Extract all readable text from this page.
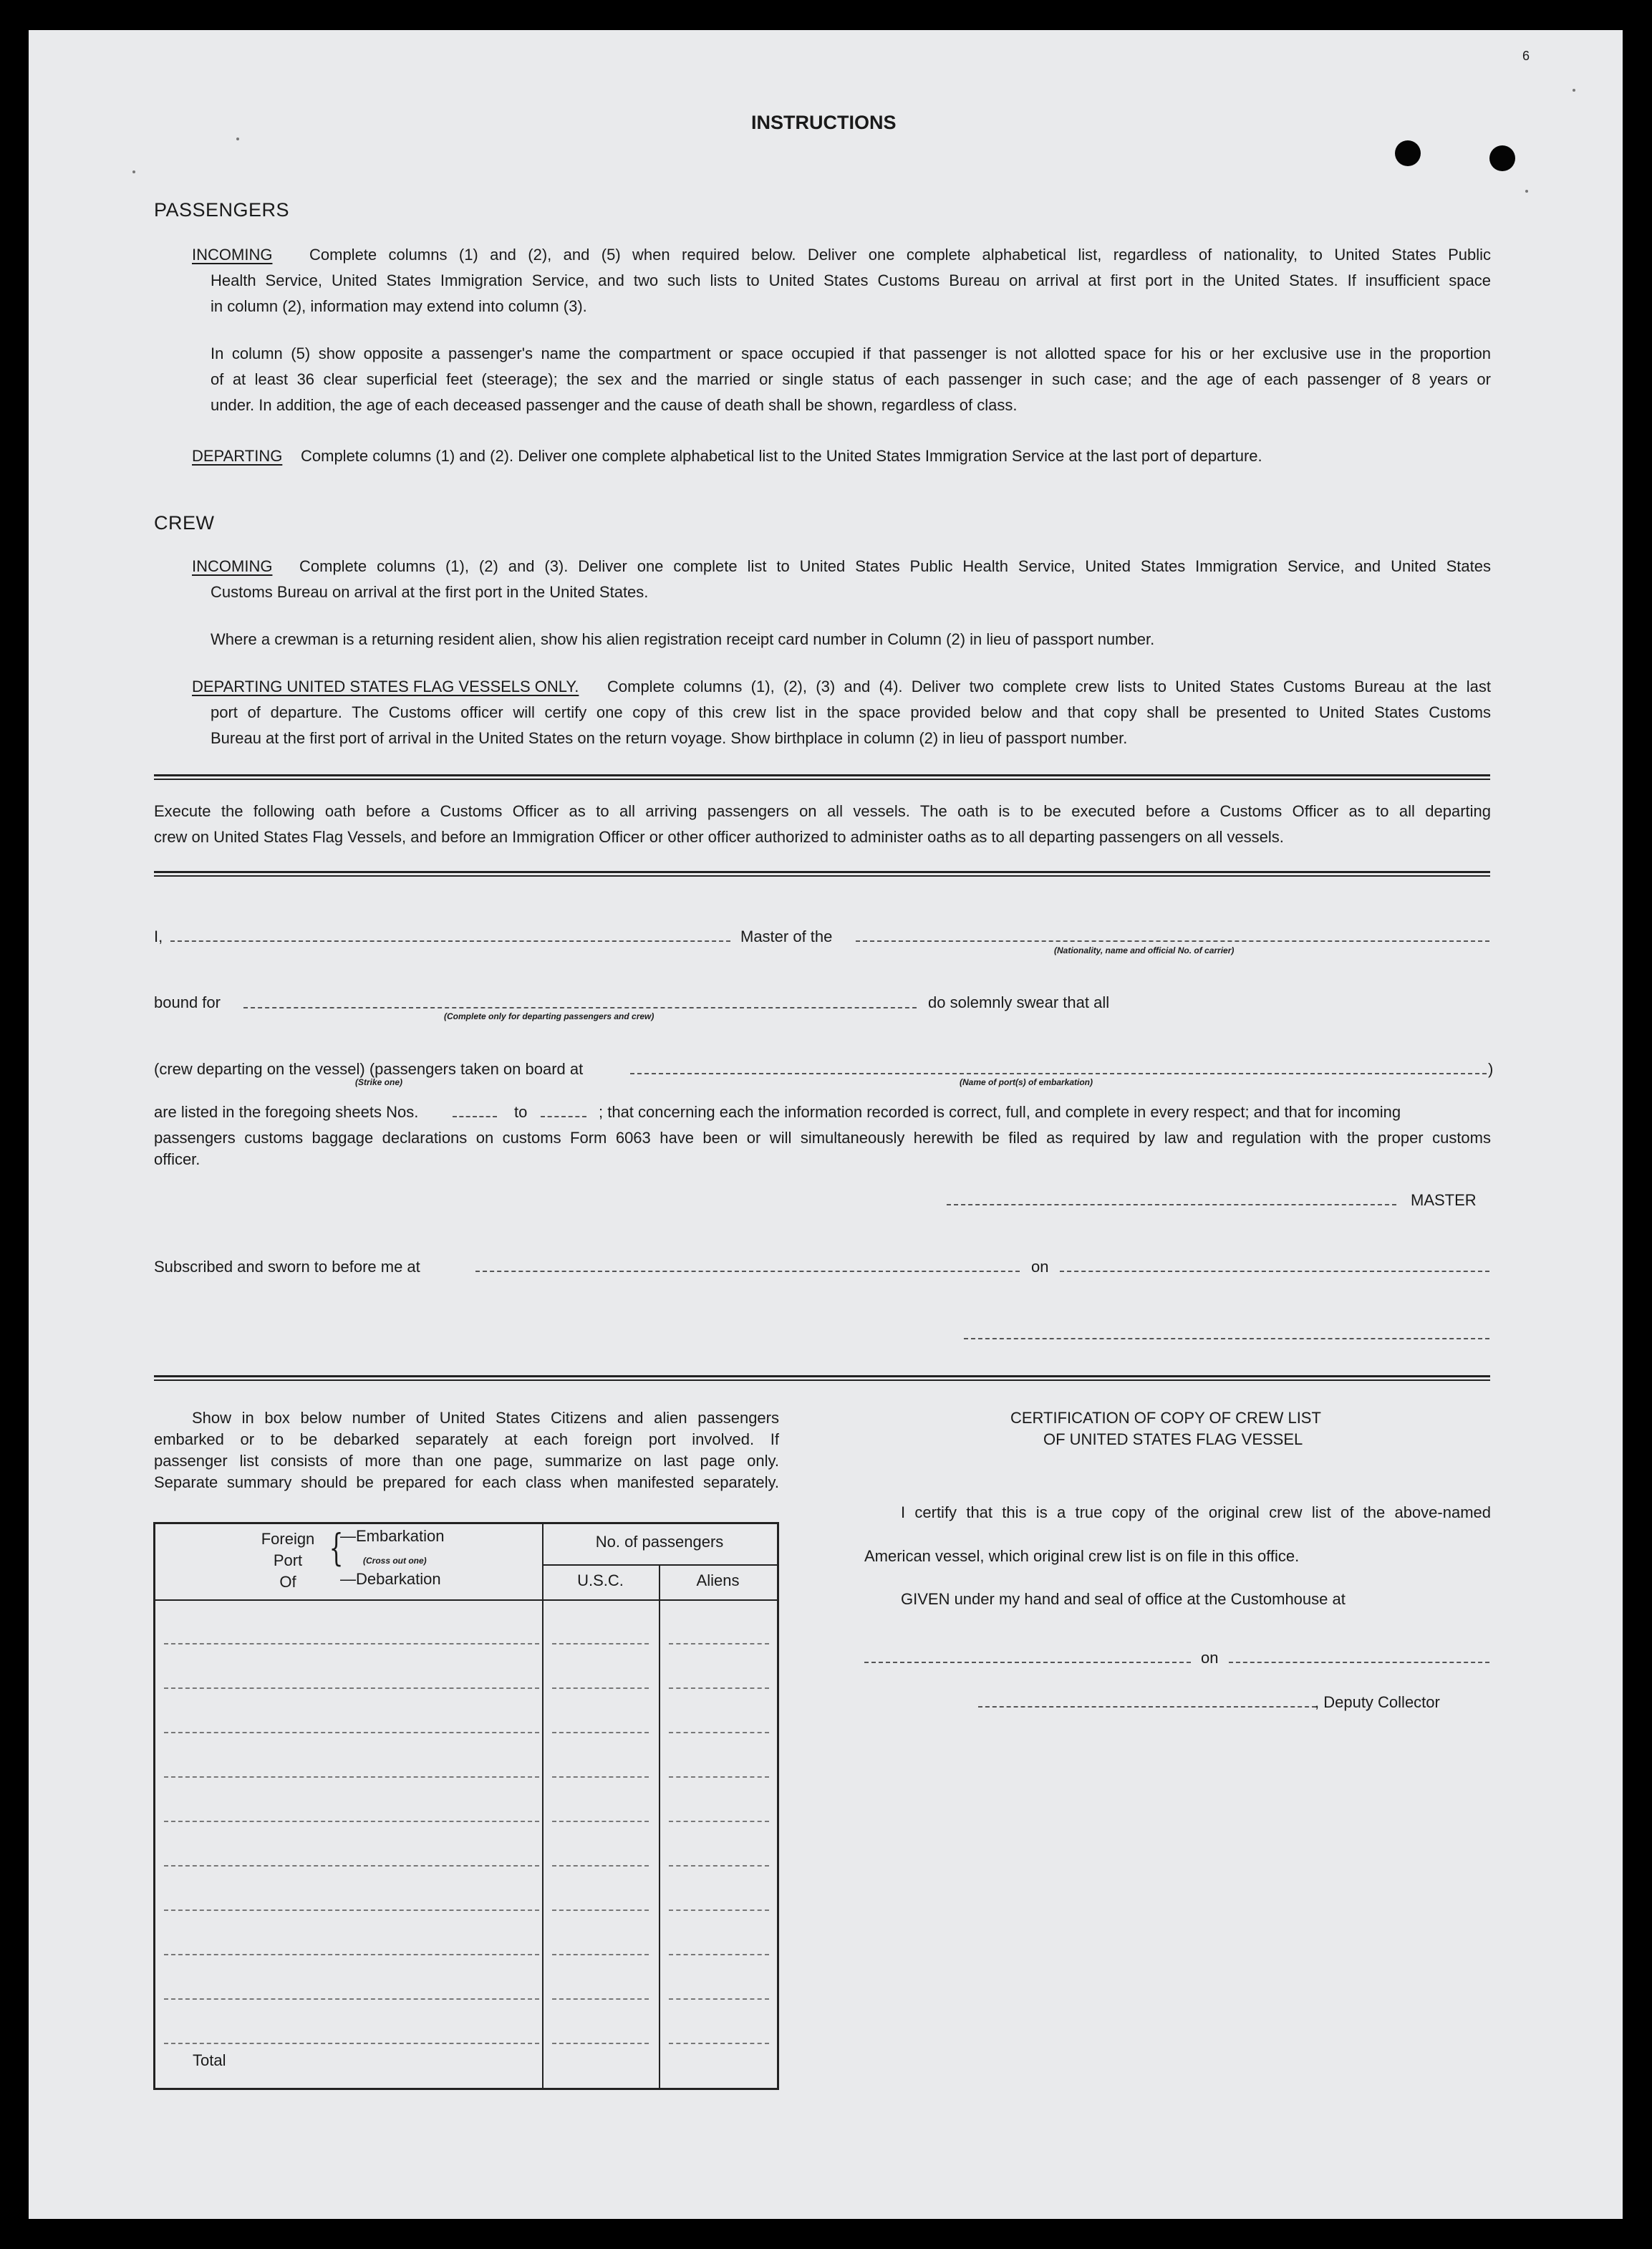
6
INSTRUCTIONS
PASSENGERS
INCOMING Complete columns (1) and (2), and (5) when required below. Deliver one complete alphabetical list, regardless of nationality, to United States Public
Health Service, United States Immigration Service, and two such lists to United States Customs Bureau on arrival at first port in the United States. If insufficient space
in column (2), information may extend into column (3).
In column (5) show opposite a passenger's name the compartment or space occupied if that passenger is not allotted space for his or her exclusive use in the proportion
of at least 36 clear superficial feet (steerage); the sex and the married or single status of each passenger in such case; and the age of each passenger of 8 years or
under. In addition, the age of each deceased passenger and the cause of death shall be shown, regardless of class.
DEPARTING Complete columns (1) and (2). Deliver one complete alphabetical list to the United States Immigration Service at the last port of departure.
CREW
INCOMING Complete columns (1), (2) and (3). Deliver one complete list to United States Public Health Service, United States Immigration Service, and United States
Customs Bureau on arrival at the first port in the United States.
Where a crewman is a returning resident alien, show his alien registration receipt card number in Column (2) in lieu of passport number.
DEPARTING UNITED STATES FLAG VESSELS ONLY. Complete columns (1), (2), (3) and (4). Deliver two complete crew lists to United States Customs Bureau at the last
port of departure. The Customs officer will certify one copy of this crew list in the space provided below and that copy shall be presented to United States Customs
Bureau at the first port of arrival in the United States on the return voyage. Show birthplace in column (2) in lieu of passport number.
Execute the following oath before a Customs Officer as to all arriving passengers on all vessels. The oath is to be executed before a Customs Officer as to all departing
crew on United States Flag Vessels, and before an Immigration Officer or other officer authorized to administer oaths as to all departing passengers on all vessels.
I,	Master of the
(Nationality, name and official No. of carrier)
bound for
(Complete only for departing passengers and crew)
do solemnly swear that all
(crew departing on the vessel) (passengers taken on board at	)
(Strike one)	(Name of port(s) of embarkation)
are listed in the foregoing sheets Nos.	to	; that concerning each the information recorded is correct, full, and complete in every respect; and that for incoming
passengers customs baggage declarations on customs Form 6063 have been or will simultaneously herewith be filed as required by law and regulation with the proper customs
officer.
MASTER
Subscribed and sworn to before me at	on
Show in box below number of United States Citizens and alien passengers
embarked or to be debarked separately at each foreign port involved. If
passenger list consists of more than one page, summarize on last page only.
Separate summary should be prepared for each class when manifested separately.
Foreign
Port
Of
{
—Embarkation
(Cross out one)
—Debarkation
No. of passengers
U.S.C.	Aliens
Total
CERTIFICATION OF COPY OF CREW LIST
OF UNITED STATES FLAG VESSEL
I certify that this is a true copy of the original crew list of the above-named
American vessel, which original crew list is on file in this office.
GIVEN under my hand and seal of office at the Customhouse at
on
, Deputy Collector
